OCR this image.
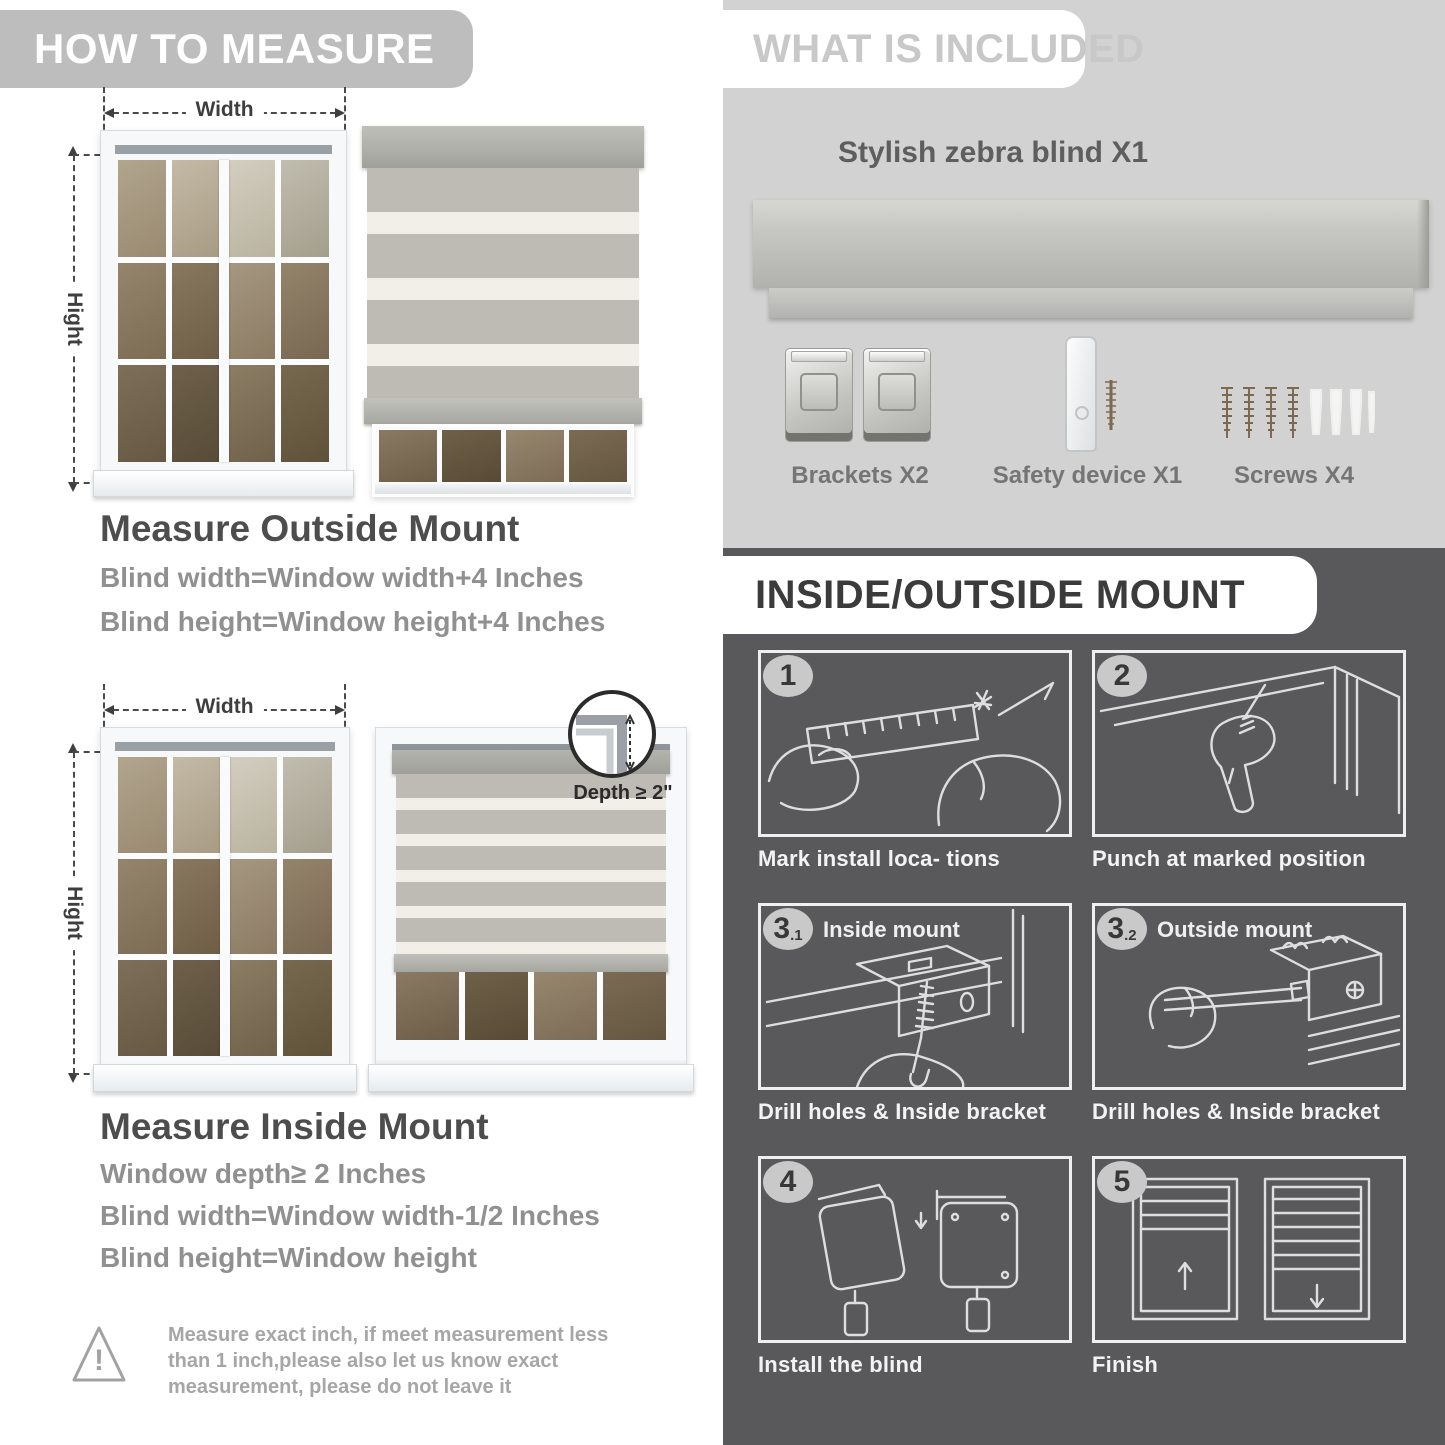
HOW TO MEASURE
Width
Hight
Measure Outside Mount
Blind width=Window width+4 Inches
Blind height=Window height+4 Inches
Width
Hight
Depth ≥ 2"
Measure Inside Mount
Window depth≥ 2 Inches
Blind width=Window width-1/2 Inches
Blind height=Window height
!
Measure exact inch, if meet measurement less
than 1 inch,please also let us know exact
measurement, please do not leave it
WHAT IS INCLUDED
Stylish zebra blind X1
Brackets X2	Safety device X1	Screws X4
INSIDE/OUTSIDE MOUNT
1
Mark install loca- tions
2
Punch at marked position
3 .1 Inside mount
Drill holes & Inside bracket
3 .2 Outside mount
Drill holes & Inside bracket
4
Install the blind
5
Finish
